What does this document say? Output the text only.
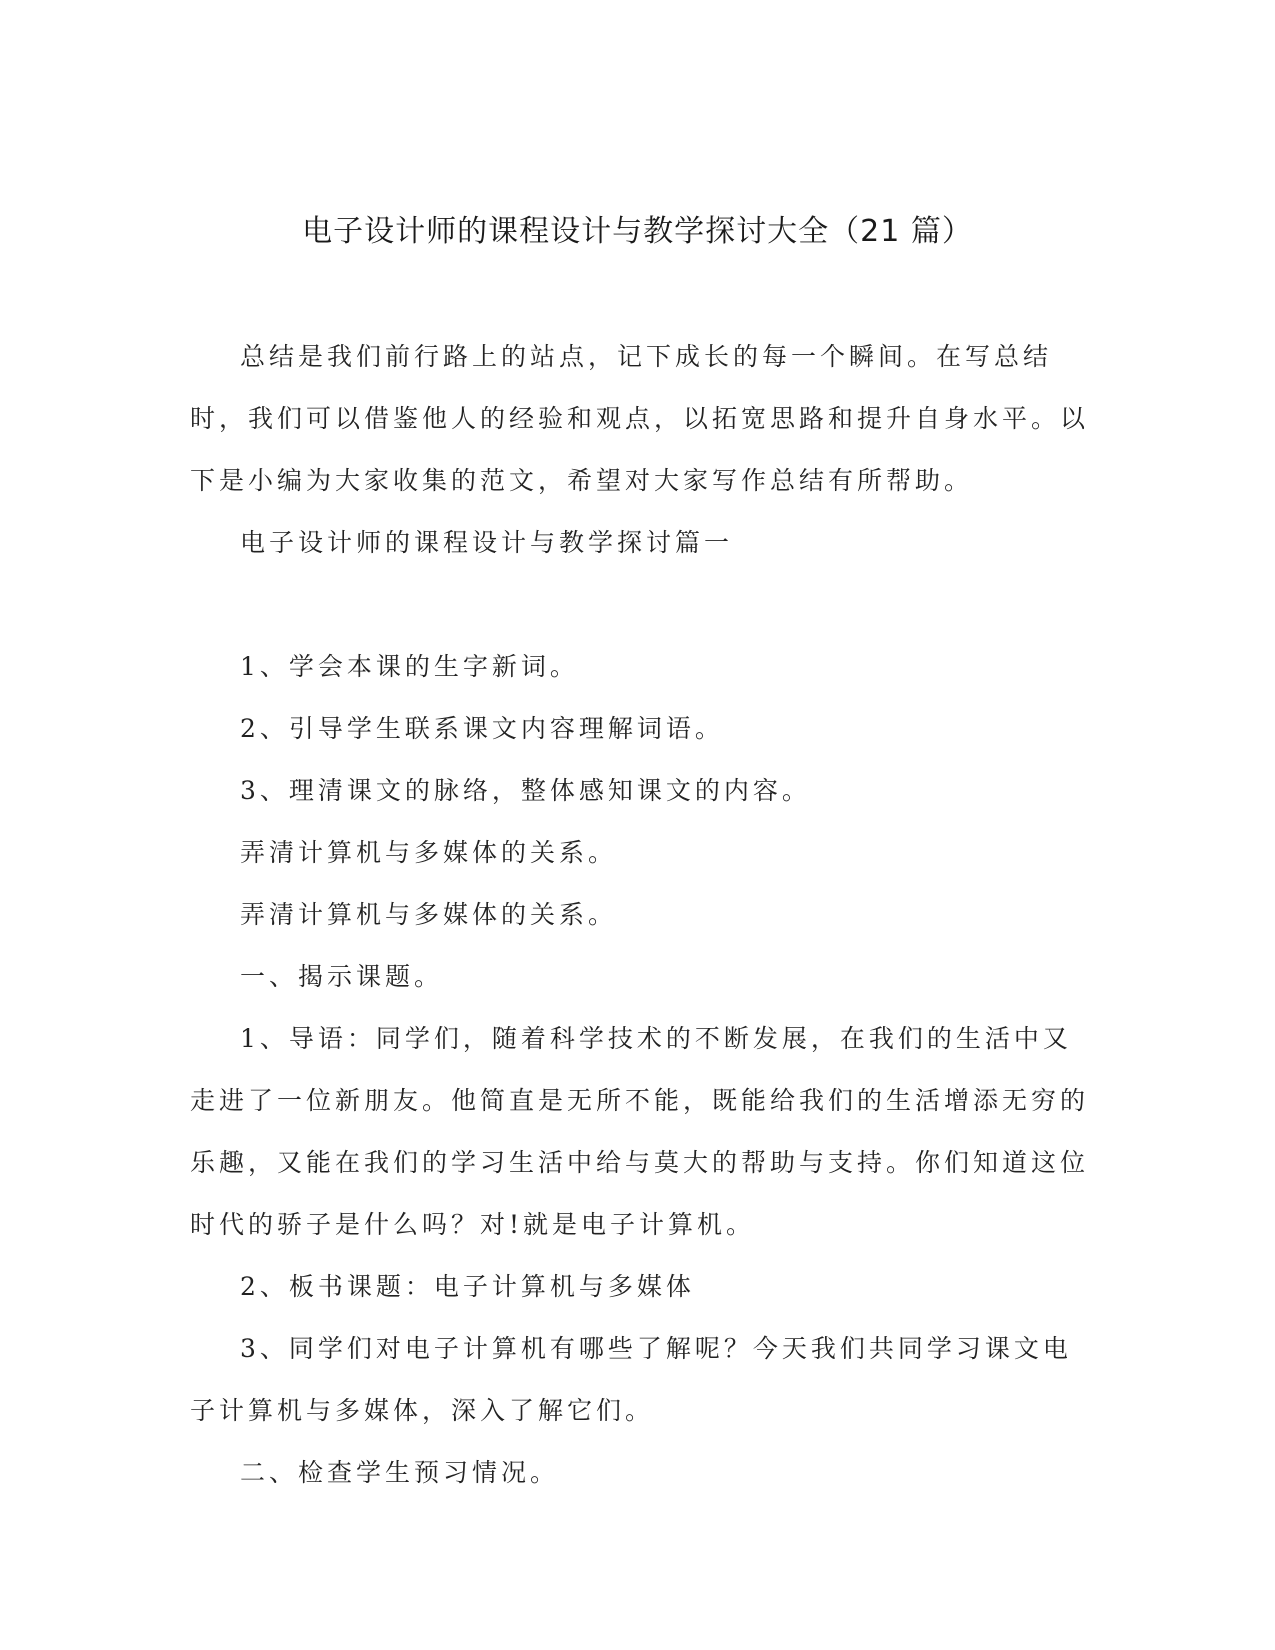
电子设计师的课程设计与教学探讨大全（21 篇）

总结是我们前行路上的站点，记下成长的每一个瞬间。在写总结时，我们可以借鉴他人的经验和观点，以拓宽思路和提升自身水平。以下是小编为大家收集的范文，希望对大家写作总结有所帮助。

电子设计师的课程设计与教学探讨篇一

1、学会本课的生字新词。

2、引导学生联系课文内容理解词语。

3、理清课文的脉络，整体感知课文的内容。

弄清计算机与多媒体的关系。

弄清计算机与多媒体的关系。

一、揭示课题。

1、导语：同学们，随着科学技术的不断发展，在我们的生活中又走进了一位新朋友。他简直是无所不能，既能给我们的生活增添无穷的乐趣，又能在我们的学习生活中给与莫大的帮助与支持。你们知道这位时代的骄子是什么吗？对!就是电子计算机。

2、板书课题：电子计算机与多媒体

3、同学们对电子计算机有哪些了解呢？今天我们共同学习课文电子计算机与多媒体，深入了解它们。

二、检查学生预习情况。
